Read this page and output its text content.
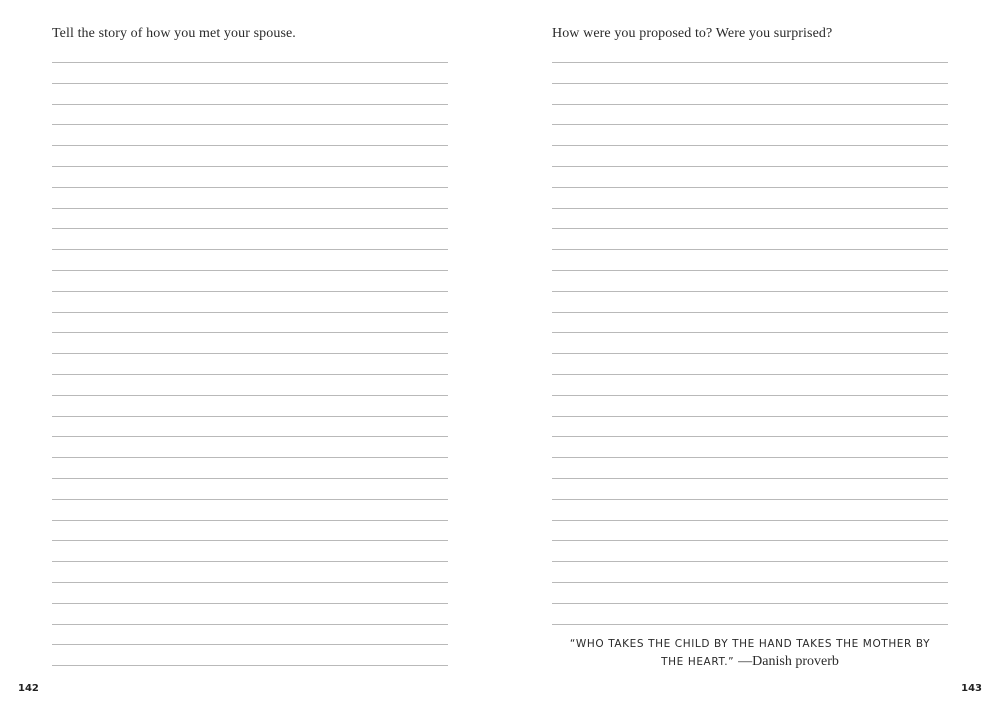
Tell the story of how you met your spouse.
142
How were you proposed to? Were you surprised?
“WHO TAKES THE CHILD BY THE HAND TAKES THE MOTHER BY
THE HEART.” —Danish proverb
143
